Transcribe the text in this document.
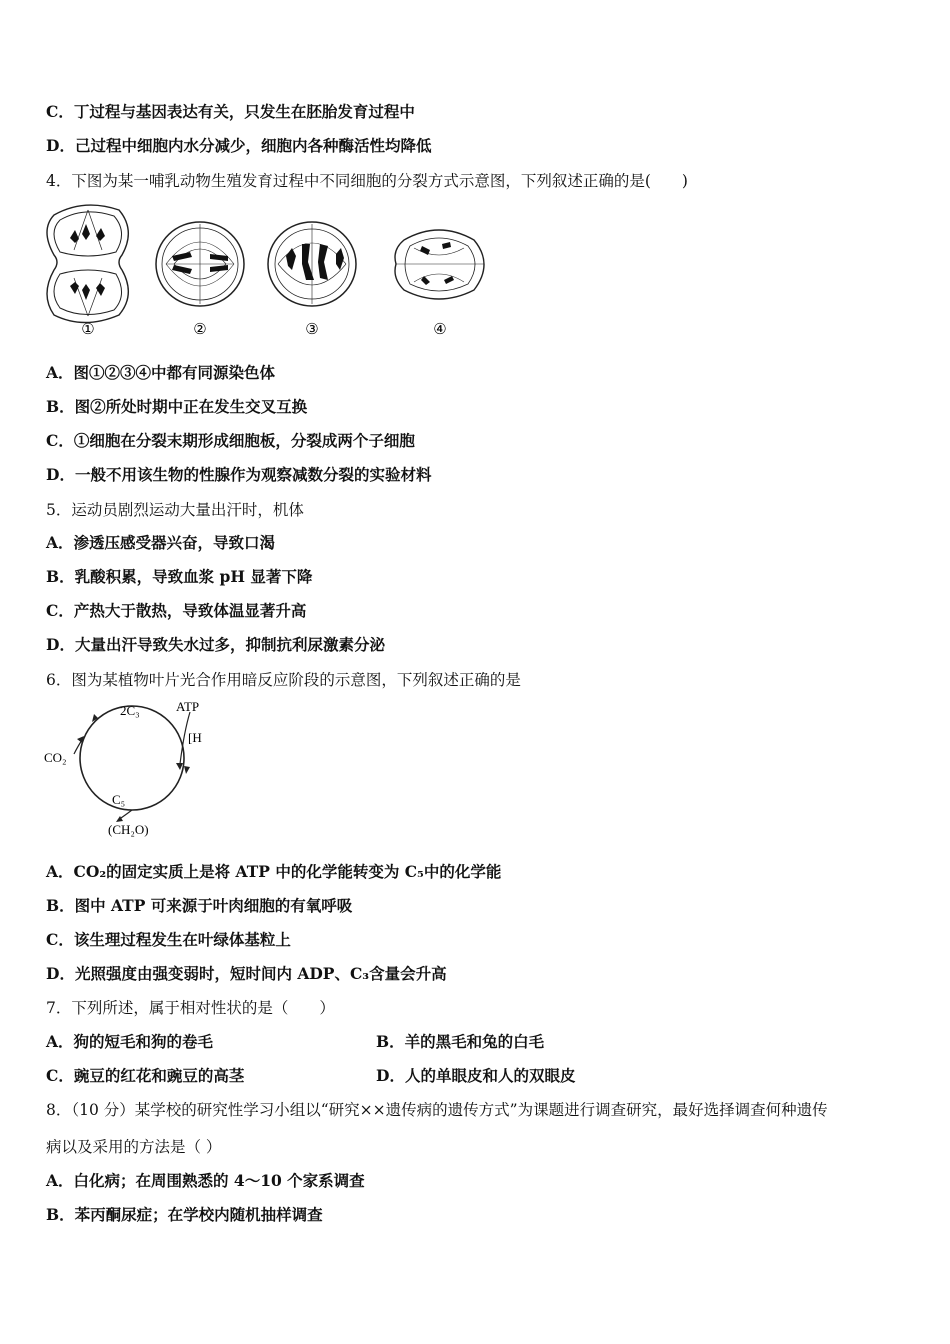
C．丁过程与基因表达有关，只发生在胚胎发育过程中
D．己过程中细胞内水分减少，细胞内各种酶活性均降低
4．下图为某一哺乳动物生殖发育过程中不同细胞的分裂方式示意图，下列叙述正确的是(　　)
①	②	③	④
A．图①②③④中都有同源染色体
B．图②所处时期中正在发生交叉互换
C．①细胞在分裂末期形成细胞板，分裂成两个子细胞
D．一般不用该生物的性腺作为观察减数分裂的实验材料
5．运动员剧烈运动大量出汗时，机体
A．渗透压感受器兴奋，导致口渴
B．乳酸积累，导致血浆 pH 显著下降
C．产热大于散热，导致体温显著升高
D．大量出汗导致失水过多，抑制抗利尿激素分泌
6．图为某植物叶片光合作用暗反应阶段的示意图，下列叙述正确的是
2C₃	ATP
[H
CO₂
C₅
(CH₂O)
A．CO₂的固定实质上是将 ATP 中的化学能转变为 C₅中的化学能
B．图中 ATP 可来源于叶肉细胞的有氧呼吸
C．该生理过程发生在叶绿体基粒上
D．光照强度由强变弱时，短时间内 ADP、C₃含量会升高
7．下列所述，属于相对性状的是（　　）
A．狗的短毛和狗的卷毛	B．羊的黑毛和兔的白毛
C．豌豆的红花和豌豆的高茎	D．人的单眼皮和人的双眼皮
8．（10 分）某学校的研究性学习小组以“研究××遗传病的遗传方式”为课题进行调查研究，最好选择调查何种遗传
病以及采用的方法是（ ）
A．白化病；在周围熟悉的 4～10 个家系调查
B．苯丙酮尿症；在学校内随机抽样调查
